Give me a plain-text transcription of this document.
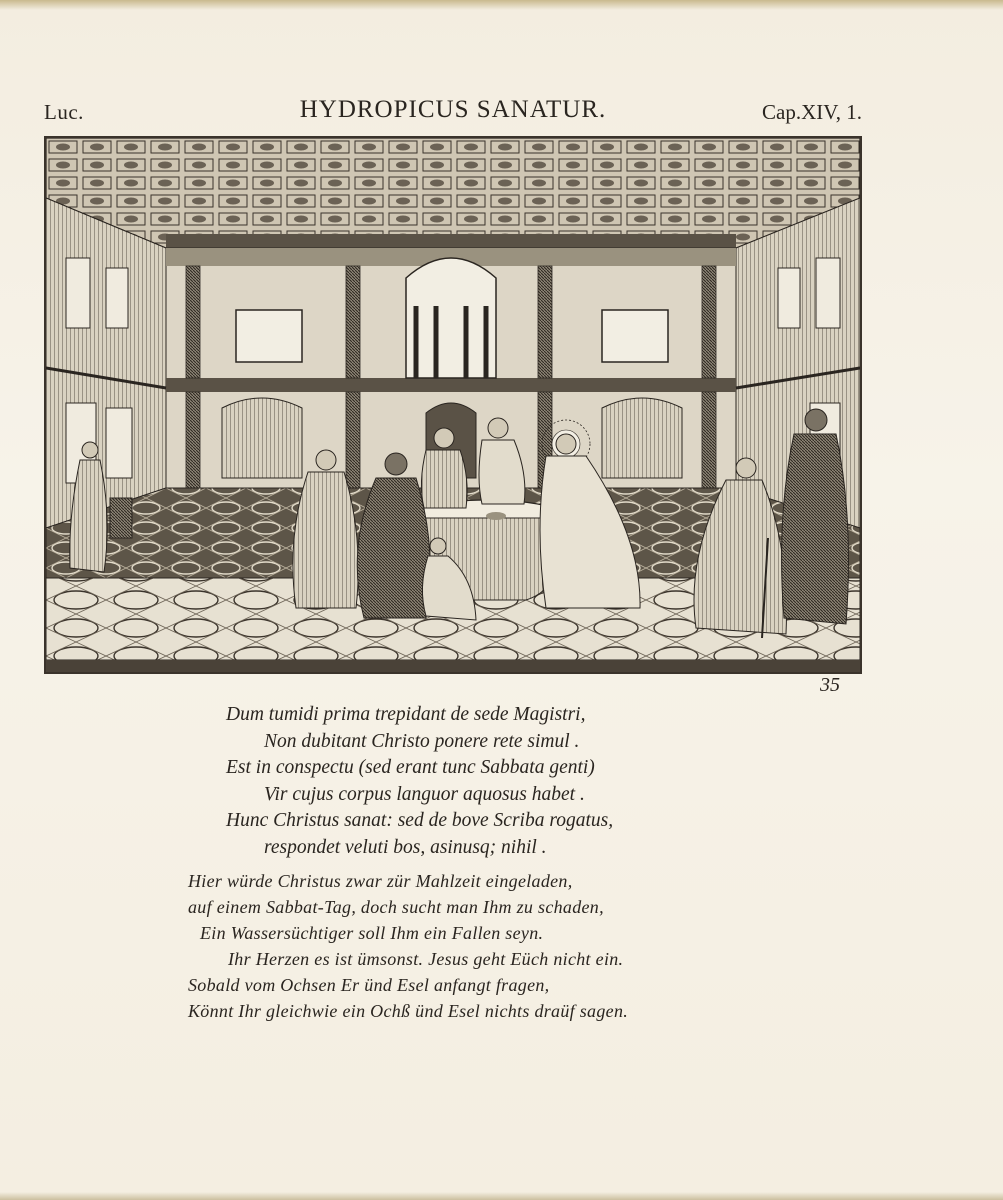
Luc.	HYDROPICUS SANATUR.	Cap.XIV, 1.
35
Dum tumidi prima trepidant de sede Magistri,
Non dubitant Christo ponere rete simul .
Est in conspectu (sed erant tunc Sabbata genti)
Vir cujus corpus languor aquosus habet .
Hunc Christus sanat: sed de bove Scriba rogatus,
respondet veluti bos, asinusq; nihil .
Hier würde Christus zwar zür Mahlzeit eingeladen,
auf einem Sabbat-Tag, doch sucht man Ihm zu schaden,
Ein Wassersüchtiger soll Ihm ein Fallen seyn.
Ihr Herzen es ist ümsonst. Jesus geht Eüch nicht ein.
Sobald vom Ochsen Er ünd Esel anfangt fragen,
Könnt Ihr gleichwie ein Ochß ünd Esel nichts draüf sagen.
